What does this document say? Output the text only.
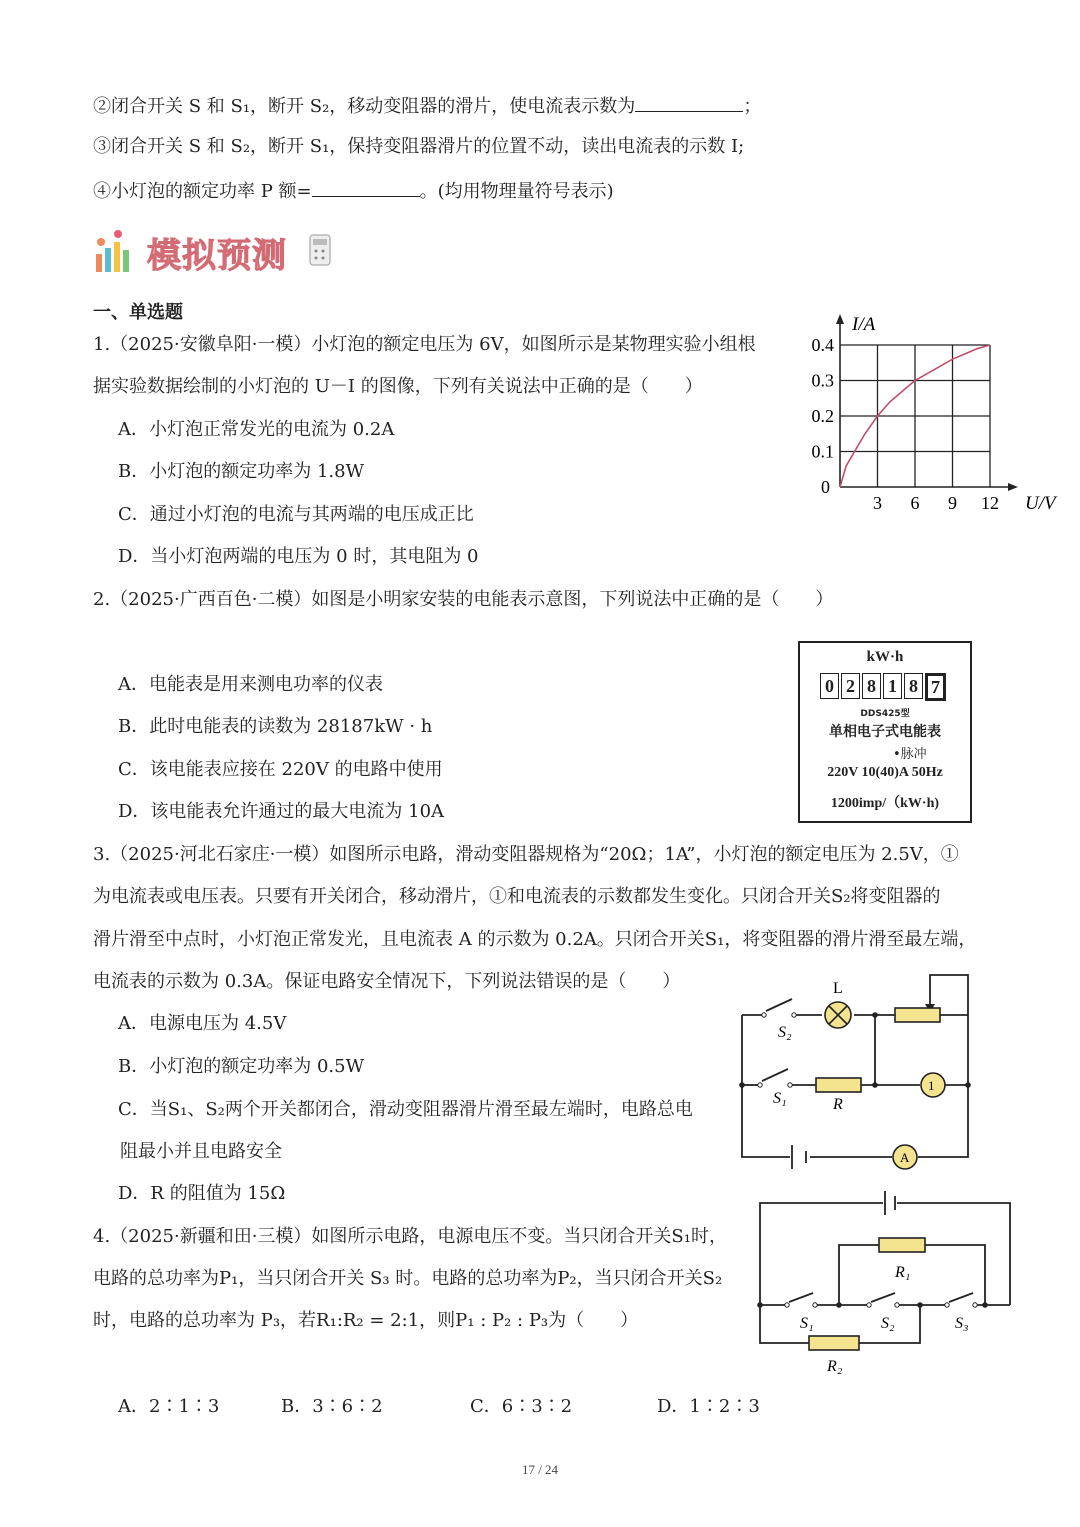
②闭合开关 S 和 S₁，断开 S₂，移动变阻器的滑片，使电流表示数为	；
③闭合开关 S 和 S₂，断开 S₁，保持变阻器滑片的位置不动，读出电流表的示数 I;
④小灯泡的额定功率 P 额=	。(均用物理量符号表示)
模拟预测
一、单选题
1.（2025·安徽阜阳·一模）小灯泡的额定电压为 6V，如图所示是某物理实验小组根
据实验数据绘制的小灯泡的 U－I 的图像，下列有关说法中正确的是（　　）
A．小灯泡正常发光的电流为 0.2A
B．小灯泡的额定功率为 1.8W
C．通过小灯泡的电流与其两端的电压成正比
D．当小灯泡两端的电压为 0 时，其电阻为 0
3 6 9 12
0.4
0.3
0.2
0.1
0
U/V
I/A
2.（2025·广西百色·二模）如图是小明家安装的电能表示意图，下列说法中正确的是（　　）
A．电能表是用来测电功率的仪表
B．此时电能表的读数为 28187kW · h
C．该电能表应接在 220V 的电路中使用
D．该电能表允许通过的最大电流为 10A
kW·h
0 2 8 1 8 7
DDS425型
单相电子式电能表
•脉冲
220V 10(40)A 50Hz
1200imp/（kW·h)
3.（2025·河北石家庄·一模）如图所示电路，滑动变阻器规格为“20Ω；1A”，小灯泡的额定电压为 2.5V，①
为电流表或电压表。只要有开关闭合，移动滑片，①和电流表的示数都发生变化。只闭合开关S₂将变阻器的
滑片滑至中点时，小灯泡正常发光，且电流表 A 的示数为 0.2A。只闭合开关S₁，将变阻器的滑片滑至最左端，
电流表的示数为 0.3A。保证电路安全情况下，下列说法错误的是（　　）
A．电源电压为 4.5V
B．小灯泡的额定功率为 0.5W
C．当S₁、S₂两个开关都闭合，滑动变阻器滑片滑至最左端时，电路总电
阻最小并且电路安全
D．R 的阻值为 15Ω
L
S₂
S₁	R
1
A
4.（2025·新疆和田·三模）如图所示电路，电源电压不变。当只闭合开关S₁时，
电路的总功率为P₁，当只闭合开关 S₃ 时。电路的总功率为P₂，当只闭合开关S₂
时，电路的总功率为 P₃，若R₁:R₂ = 2:1，则P₁ : P₂ : P₃为（　　）
A．2∶1∶3	B．3∶6∶2	C．6∶3∶2	D．1∶2∶3
R₁
R₂
S₁	S₂	S₃
17 / 24
